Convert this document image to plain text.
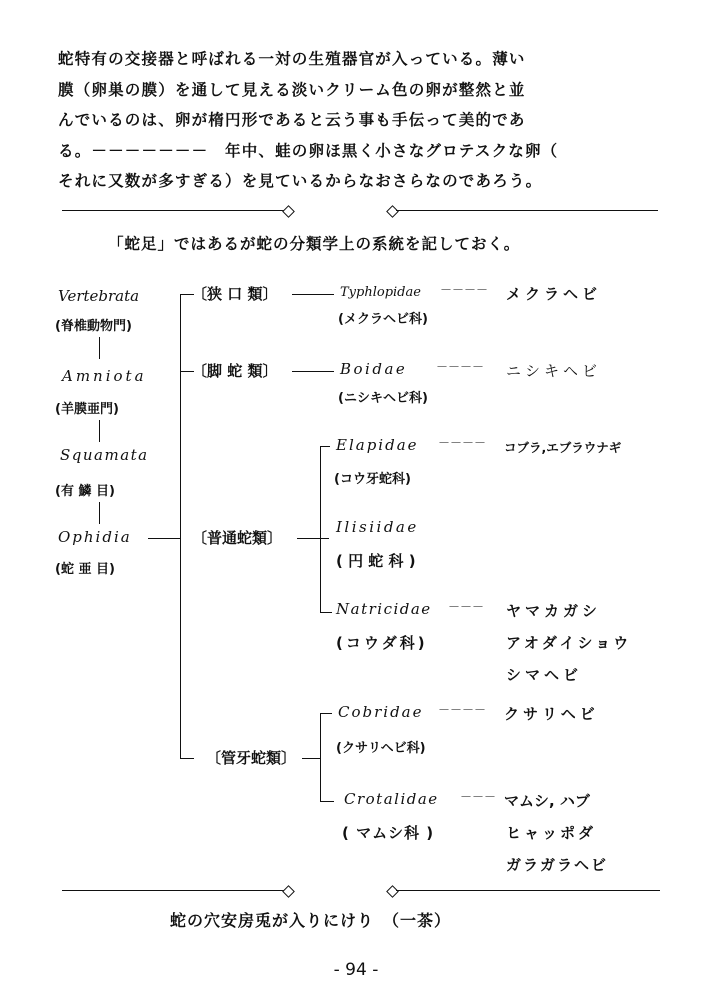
蛇特有の交接器と呼ばれる一対の生殖器官が入っている。薄い
膜（卵巣の膜）を通して見える淡いクリーム色の卵が整然と並
んでいるのは、卵が楕円形であると云う事も手伝って美的であ
る。－－－－－－－　年中、蛙の卵ほ黒く小さなグロテスクな卵（
それに又数が多すぎる）を見ているからなおさらなのであろう。
「蛇足」ではあるが蛇の分類学上の系統を記しておく。
Vertebrata
(脊椎動物門)
Amniota
(羊膜亜門)
Squamata
(有 鱗 目)
Ophidia
(蛇 亜 目)
〔狭 口 類〕	Typhlopidae －－－－ メクラヘビ
(メクラヘビ科)
〔脚 蛇 類〕	Boidae －－－－ ニシキヘビ
(ニシキヘビ科)
〔普通蛇類〕
Elapidae －－－－ コブラ,エブラウナギ
(コウ牙蛇科)
Ilisiidae
( 円 蛇 科 )
Natricidae －－－ ヤマカガシ
(コウダ科)	アオダイショウ
シマヘビ
〔管牙蛇類〕
Cobridae －－－－ クサリヘビ
(クサリヘビ科)
Crotalidae －－－ マムシ, ハブ
( マムシ科 )	ヒャッポダ
ガラガラヘビ
蛇の穴安房兎が入りにけり　（一茶）
- 94 -
